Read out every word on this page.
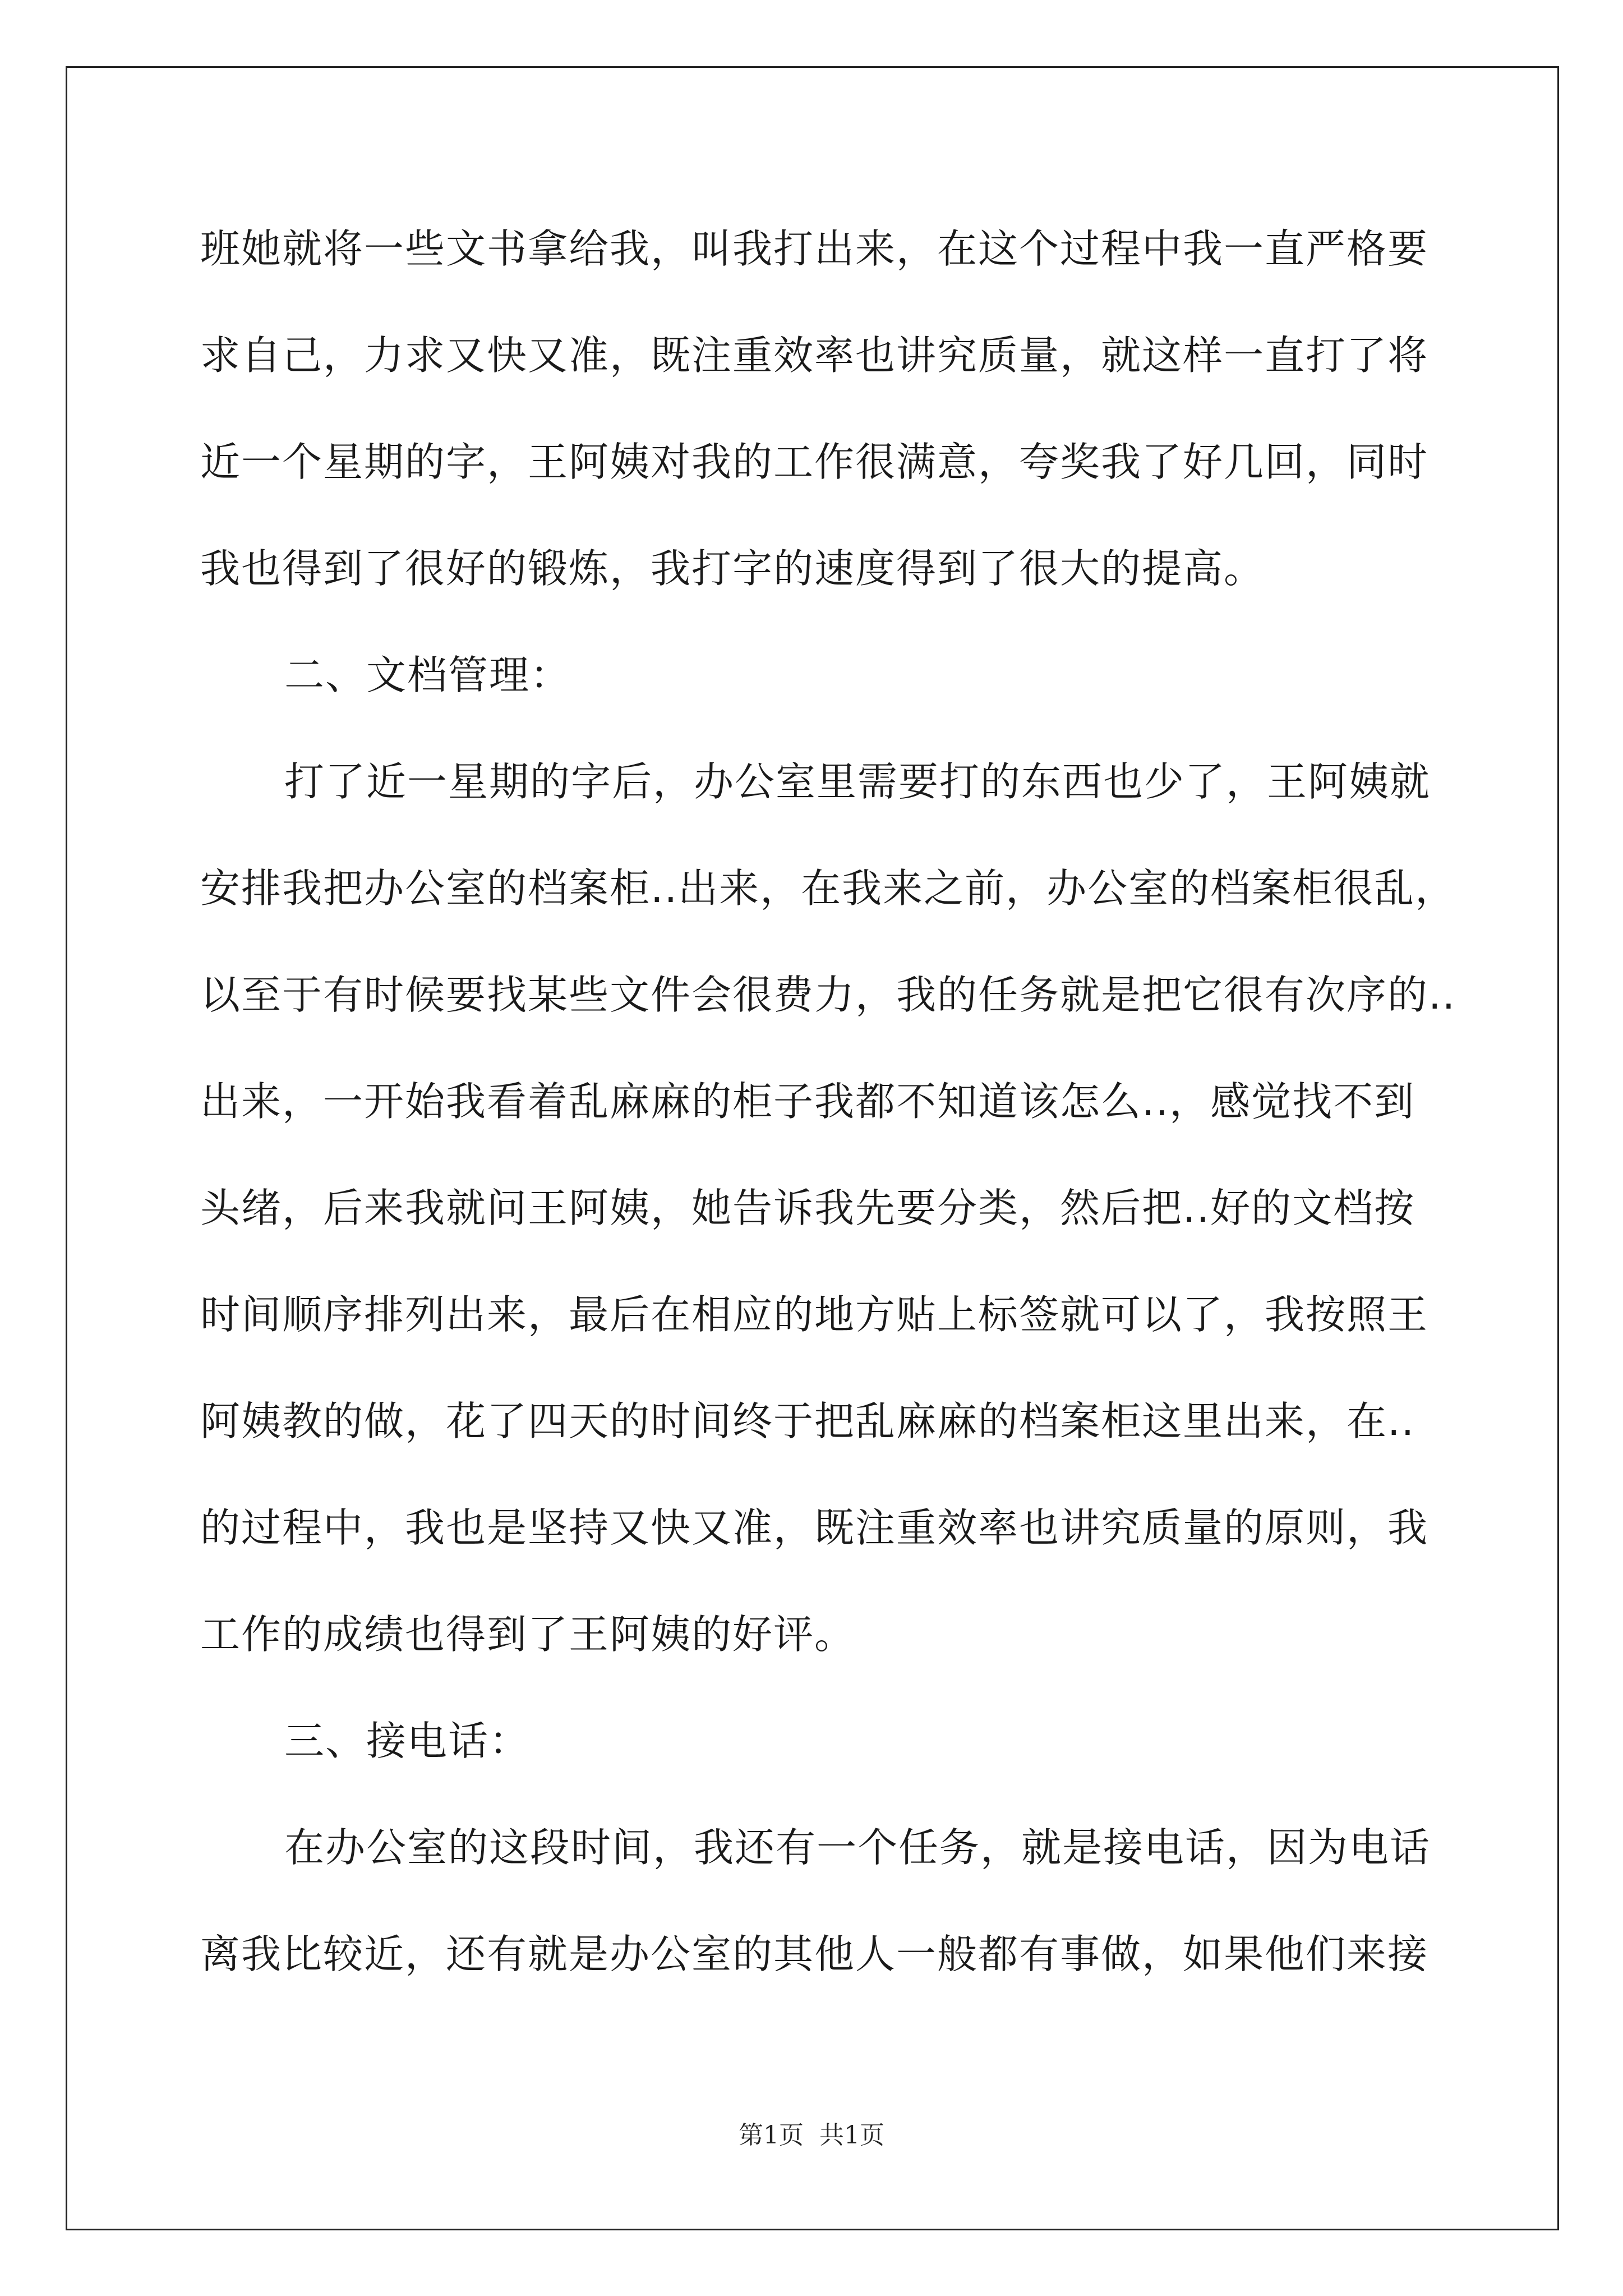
班她就将一些文书拿给我，叫我打出来，在这个过程中我一直严格要
求自己，力求又快又准，既注重效率也讲究质量，就这样一直打了将
近一个星期的字，王阿姨对我的工作很满意，夸奖我了好几回，同时
我也得到了很好的锻炼，我打字的速度得到了很大的提高。
二、文档管理：
打了近一星期的字后，办公室里需要打的东西也少了，王阿姨就
安排我把办公室的档案柜..出来，在我来之前，办公室的档案柜很乱，
以至于有时候要找某些文件会很费力，我的任务就是把它很有次序的..
出来，一开始我看着乱麻麻的柜子我都不知道该怎么..，感觉找不到
头绪，后来我就问王阿姨，她告诉我先要分类，然后把..好的文档按
时间顺序排列出来，最后在相应的地方贴上标签就可以了，我按照王
阿姨教的做，花了四天的时间终于把乱麻麻的档案柜这里出来，在..
的过程中，我也是坚持又快又准，既注重效率也讲究质量的原则，我
工作的成绩也得到了王阿姨的好评。
三、接电话：
在办公室的这段时间，我还有一个任务，就是接电话，因为电话
离我比较近，还有就是办公室的其他人一般都有事做，如果他们来接
第1页  共1页
